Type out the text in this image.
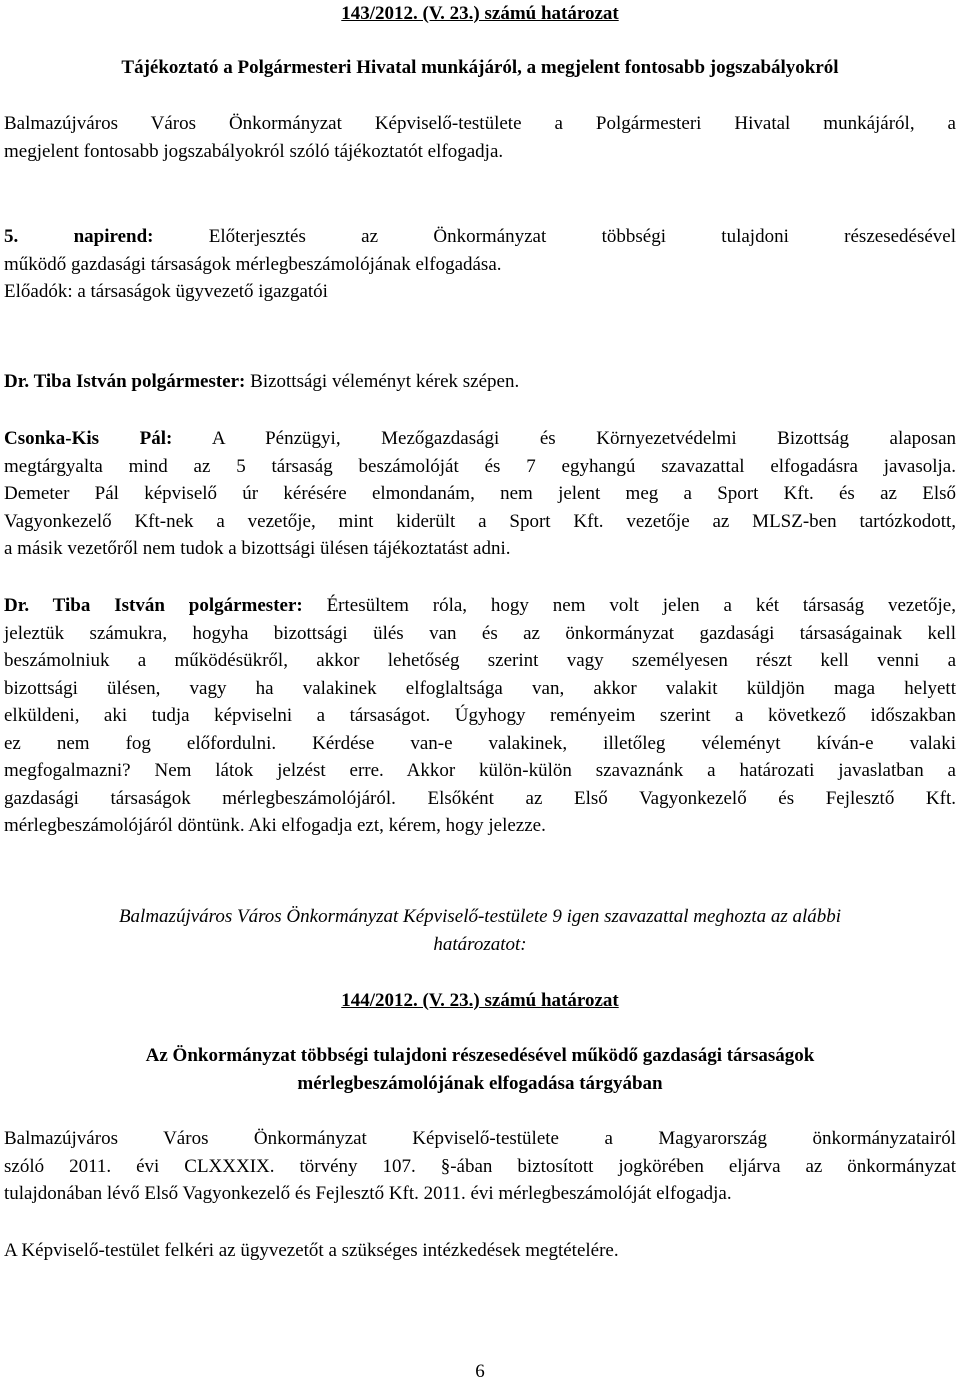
143/2012. (V. 23.) számú határozat
Tájékoztató a Polgármesteri Hivatal munkájáról, a megjelent fontosabb jogszabályokról
Balmazújváros Város Önkormányzat Képviselő-testülete a Polgármesteri Hivatal munkájáról, a
megjelent fontosabb jogszabályokról szóló tájékoztatót elfogadja.
5. napirend: Előterjesztés az Önkormányzat többségi tulajdoni részesedésével
működő gazdasági társaságok mérlegbeszámolójának elfogadása.
Előadók: a társaságok ügyvezető igazgatói
Dr. Tiba István polgármester: Bizottsági véleményt kérek szépen.
Csonka-Kis Pál: A Pénzügyi, Mezőgazdasági és Környezetvédelmi Bizottság alaposan
megtárgyalta mind az 5 társaság beszámolóját és 7 egyhangú szavazattal elfogadásra javasolja.
Demeter Pál képviselő úr kérésére elmondanám, nem jelent meg a Sport Kft. és az Első
Vagyonkezelő Kft-nek a vezetője, mint kiderült a Sport Kft. vezetője az MLSZ-ben tartózkodott,
a másik vezetőről nem tudok a bizottsági ülésen tájékoztatást adni.
Dr. Tiba István polgármester: Értesültem róla, hogy nem volt jelen a két társaság vezetője,
jeleztük számukra, hogyha bizottsági ülés van és az önkormányzat gazdasági társaságainak kell
beszámolniuk a működésükről, akkor lehetőség szerint vagy személyesen részt kell venni a
bizottsági ülésen, vagy ha valakinek elfoglaltsága van, akkor valakit küldjön maga helyett
elküldeni, aki tudja képviselni a társaságot. Úgyhogy reményeim szerint a következő időszakban
ez nem fog előfordulni. Kérdése van-e valakinek, illetőleg véleményt kíván-e valaki
megfogalmazni? Nem látok jelzést erre. Akkor külön-külön szavaznánk a határozati javaslatban a
gazdasági társaságok mérlegbeszámolójáról. Elsőként az Első Vagyonkezelő és Fejlesztő Kft.
mérlegbeszámolójáról döntünk. Aki elfogadja ezt, kérem, hogy jelezze.
Balmazújváros Város Önkormányzat Képviselő-testülete 9 igen szavazattal meghozta az alábbi
határozatot:
144/2012. (V. 23.) számú határozat
Az Önkormányzat többségi tulajdoni részesedésével működő gazdasági társaságok
mérlegbeszámolójának elfogadása tárgyában
Balmazújváros Város Önkormányzat Képviselő-testülete a Magyarország önkormányzatairól
szóló 2011. évi CLXXXIX. törvény 107. §-ában biztosított jogkörében eljárva az önkormányzat
tulajdonában lévő Első Vagyonkezelő és Fejlesztő Kft. 2011. évi mérlegbeszámolóját elfogadja.
A Képviselő-testület felkéri az ügyvezetőt a szükséges intézkedések megtételére.
6
